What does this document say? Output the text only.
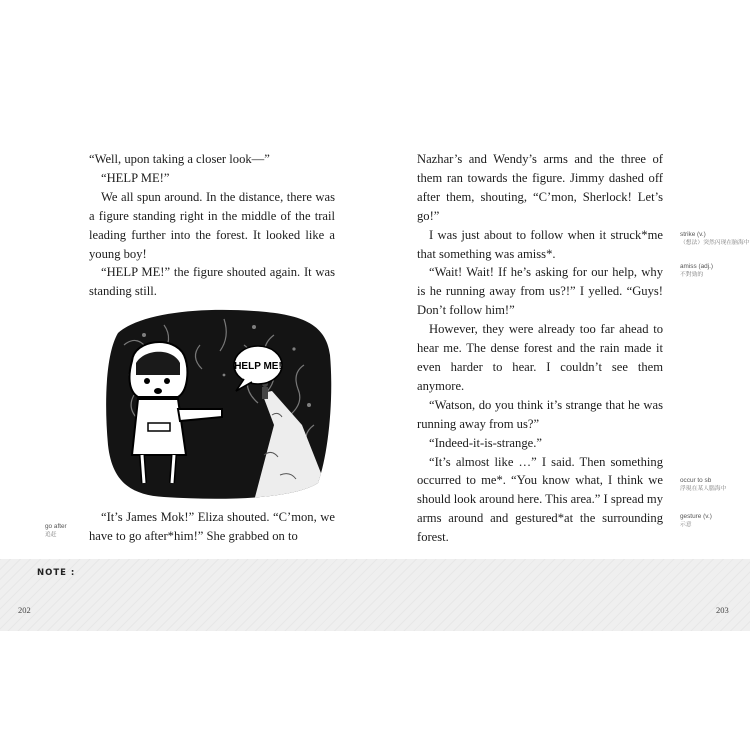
“Well, upon taking a closer look—”

“HELP ME!”

We all spun around. In the distance, there was a figure standing right in the middle of the trail leading further into the forest. It looked like a young boy!

“HELP ME!” the figure shouted again. It was standing still.

HELP ME!

“It’s James Mok!” Eliza shouted. “C’mon, we have to go after*him!” She grabbed on to

go after
追赶

Nazhar’s and Wendy’s arms and the three of them ran towards the figure. Jimmy dashed off after them, shouting, “C’mon, Sherlock! Let’s go!”

I was just about to follow when it struck*me that something was amiss*.

“Wait! Wait! If he’s asking for our help, why is he running away from us?!” I yelled. “Guys! Don’t follow him!”

However, they were already too far ahead to hear me. The dense forest and the rain made it even harder to hear. I couldn’t see them anymore.

“Watson, do you think it’s strange that he was running away from us?”

“Indeed-it-is-strange.”

“It’s almost like …” I said. Then something occurred to me*. “You know what, I think we should look around here. This area.” I spread my arms around and gestured*at the surrounding forest.

strike (v.)
（想法）突然闪现在脑海中
amiss (adj.)
不對勁的
occur to sb
浮現在某人腦海中
gesture (v.)
示意
NOTE :
202	203
